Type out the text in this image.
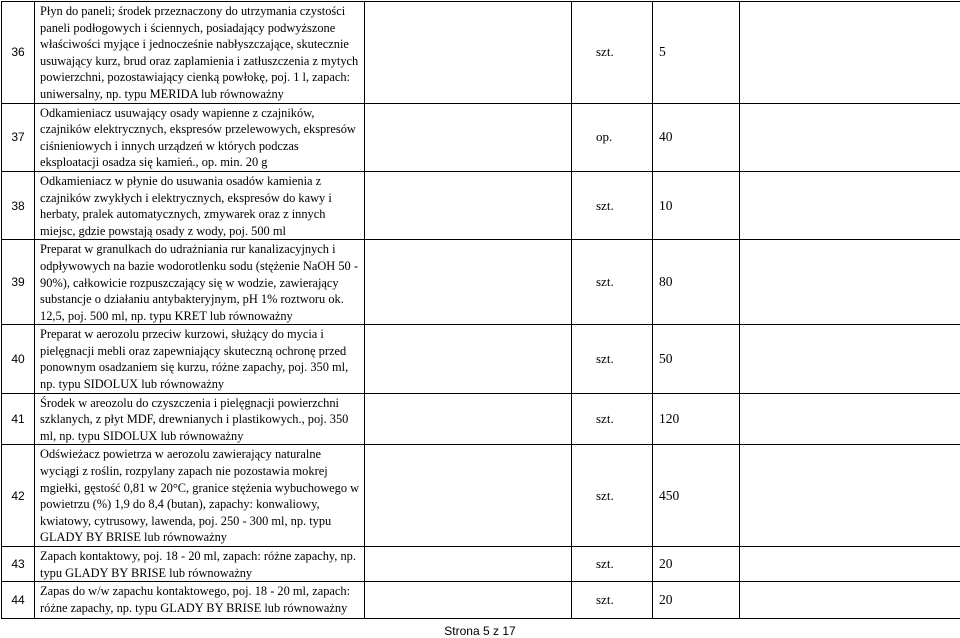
36	Płyn do paneli; środek przeznaczony do utrzymania czystości paneli podłogowych i ściennych, posiadający podwyższone właściwości myjące i jednocześnie nabłyszczające, skutecznie usuwający kurz, brud oraz zaplamienia i zatłuszczenia z mytych powierzchni, pozostawiający cienką powłokę, poj. 1 l, zapach: uniwersalny, np. typu MERIDA lub równoważny		szt.	5	
37	Odkamieniacz usuwający osady wapienne z czajników, czajników elektrycznych, ekspresów przelewowych, ekspresów ciśnieniowych i innych urządzeń w których podczas eksploatacji osadza się kamień., op. min. 20 g		op.	40	
38	Odkamieniacz w płynie do usuwania osadów kamienia z czajników zwykłych i elektrycznych, ekspresów do kawy i herbaty, pralek automatycznych, zmywarek oraz z innych miejsc, gdzie powstają osady z wody, poj. 500 ml		szt.	10	
39	Preparat w granulkach do udrażniania rur kanalizacyjnych i odpływowych na bazie wodorotlenku sodu (stężenie NaOH 50 - 90%), całkowicie rozpuszczający się w wodzie, zawierający substancje o działaniu antybakteryjnym, pH 1% roztworu ok. 12,5, poj. 500 ml, np. typu KRET lub równoważny		szt.	80	
40	Preparat w aerozolu przeciw kurzowi, służący do mycia i pielęgnacji mebli oraz zapewniający skuteczną ochronę przed ponownym osadzaniem się kurzu, różne zapachy, poj. 350 ml, np. typu SIDOLUX lub równoważny		szt.	50	
41	Środek w areozolu do czyszczenia i pielęgnacji powierzchni szklanych, z płyt MDF, drewnianych i plastikowych., poj. 350 ml, np. typu SIDOLUX lub równoważny		szt.	120	
42	Odświeżacz powietrza w aerozolu zawierający naturalne wyciągi z roślin, rozpylany zapach nie pozostawia mokrej mgiełki, gęstość 0,81 w 20°C, granice stężenia wybuchowego w powietrzu (%) 1,9 do 8,4 (butan), zapachy: konwaliowy, kwiatowy, cytrusowy, lawenda, poj. 250 - 300 ml, np. typu GLADY BY BRISE lub równoważny		szt.	450	
43	Zapach kontaktowy, poj. 18 - 20 ml, zapach: różne zapachy, np. typu GLADY BY BRISE lub równoważny		szt.	20	
44	Zapas do w/w zapachu kontaktowego, poj. 18 - 20 ml, zapach: różne zapachy, np. typu GLADY BY BRISE lub równoważny		szt.	20	
Strona 5 z 17
